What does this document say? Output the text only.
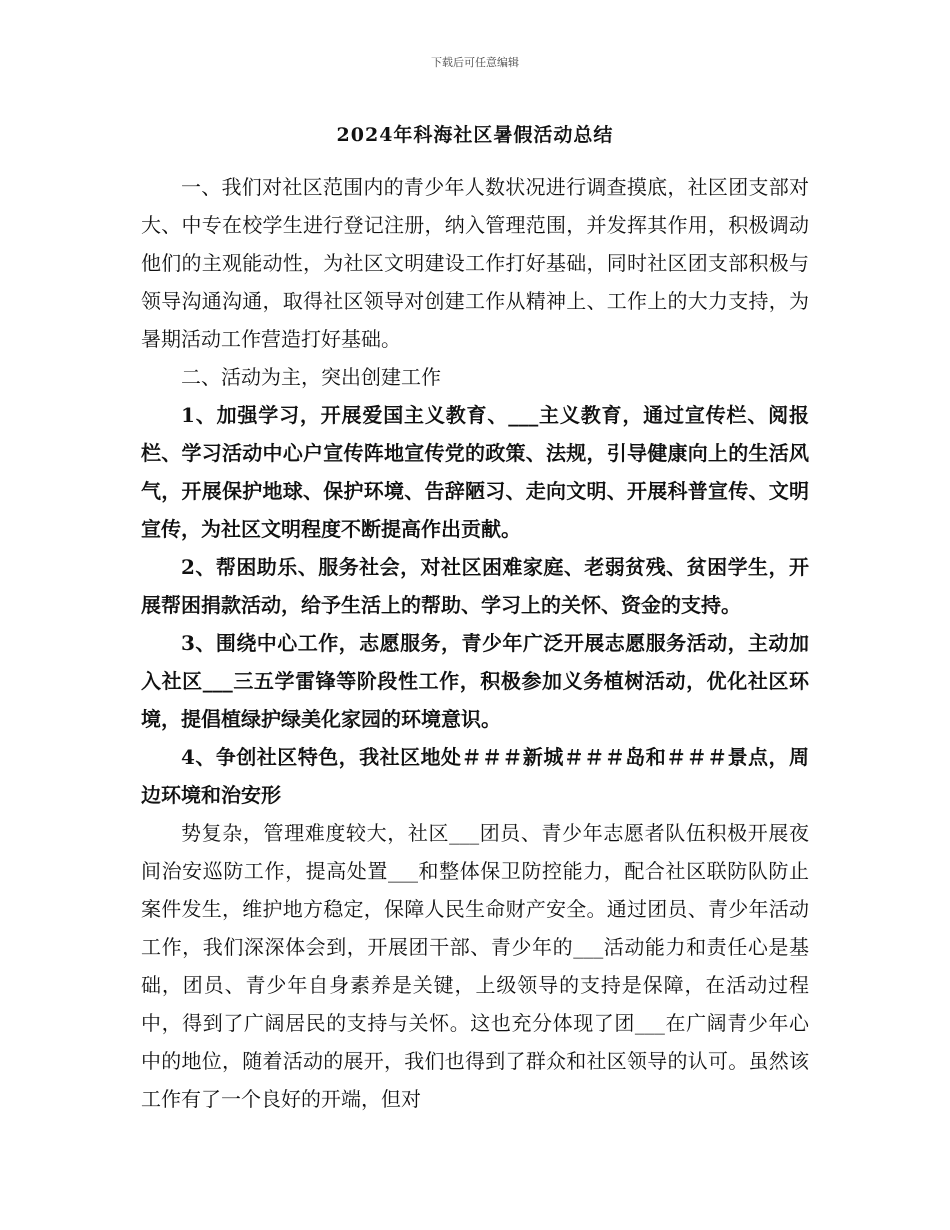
下载后可任意编辑
2024年科海社区暑假活动总结

一、我们对社区范围内的青少年人数状况进行调查摸底，社区团支部对大、中专在校学生进行登记注册，纳入管理范围，并发挥其作用，积极调动他们的主观能动性，为社区文明建设工作打好基础，同时社区团支部积极与领导沟通沟通，取得社区领导对创建工作从精神上、工作上的大力支持，为暑期活动工作营造打好基础。

二、活动为主，突出创建工作

1、加强学习，开展爱国主义教育、___主义教育，通过宣传栏、阅报栏、学习活动中心户宣传阵地宣传党的政策、法规，引导健康向上的生活风气，开展保护地球、保护环境、告辞陋习、走向文明、开展科普宣传、文明宣传，为社区文明程度不断提高作出贡献。

2、帮困助乐、服务社会，对社区困难家庭、老弱贫残、贫困学生，开展帮困捐款活动，给予生活上的帮助、学习上的关怀、资金的支持。

3、围绕中心工作，志愿服务，青少年广泛开展志愿服务活动，主动加入社区___三五学雷锋等阶段性工作，积极参加义务植树活动，优化社区环境，提倡植绿护绿美化家园的环境意识。

4、争创社区特色，我社区地处＃＃＃新城＃＃＃岛和＃＃＃景点，周边环境和治安形

势复杂，管理难度较大，社区___团员、青少年志愿者队伍积极开展夜间治安巡防工作，提高处置___和整体保卫防控能力，配合社区联防队防止案件发生，维护地方稳定，保障人民生命财产安全。通过团员、青少年活动工作，我们深深体会到，开展团干部、青少年的___活动能力和责任心是基础，团员、青少年自身素养是关键，上级领导的支持是保障，在活动过程中，得到了广阔居民的支持与关怀。这也充分体现了团___在广阔青少年心中的地位，随着活动的展开，我们也得到了群众和社区领导的认可。虽然该工作有了一个良好的开端，但对
